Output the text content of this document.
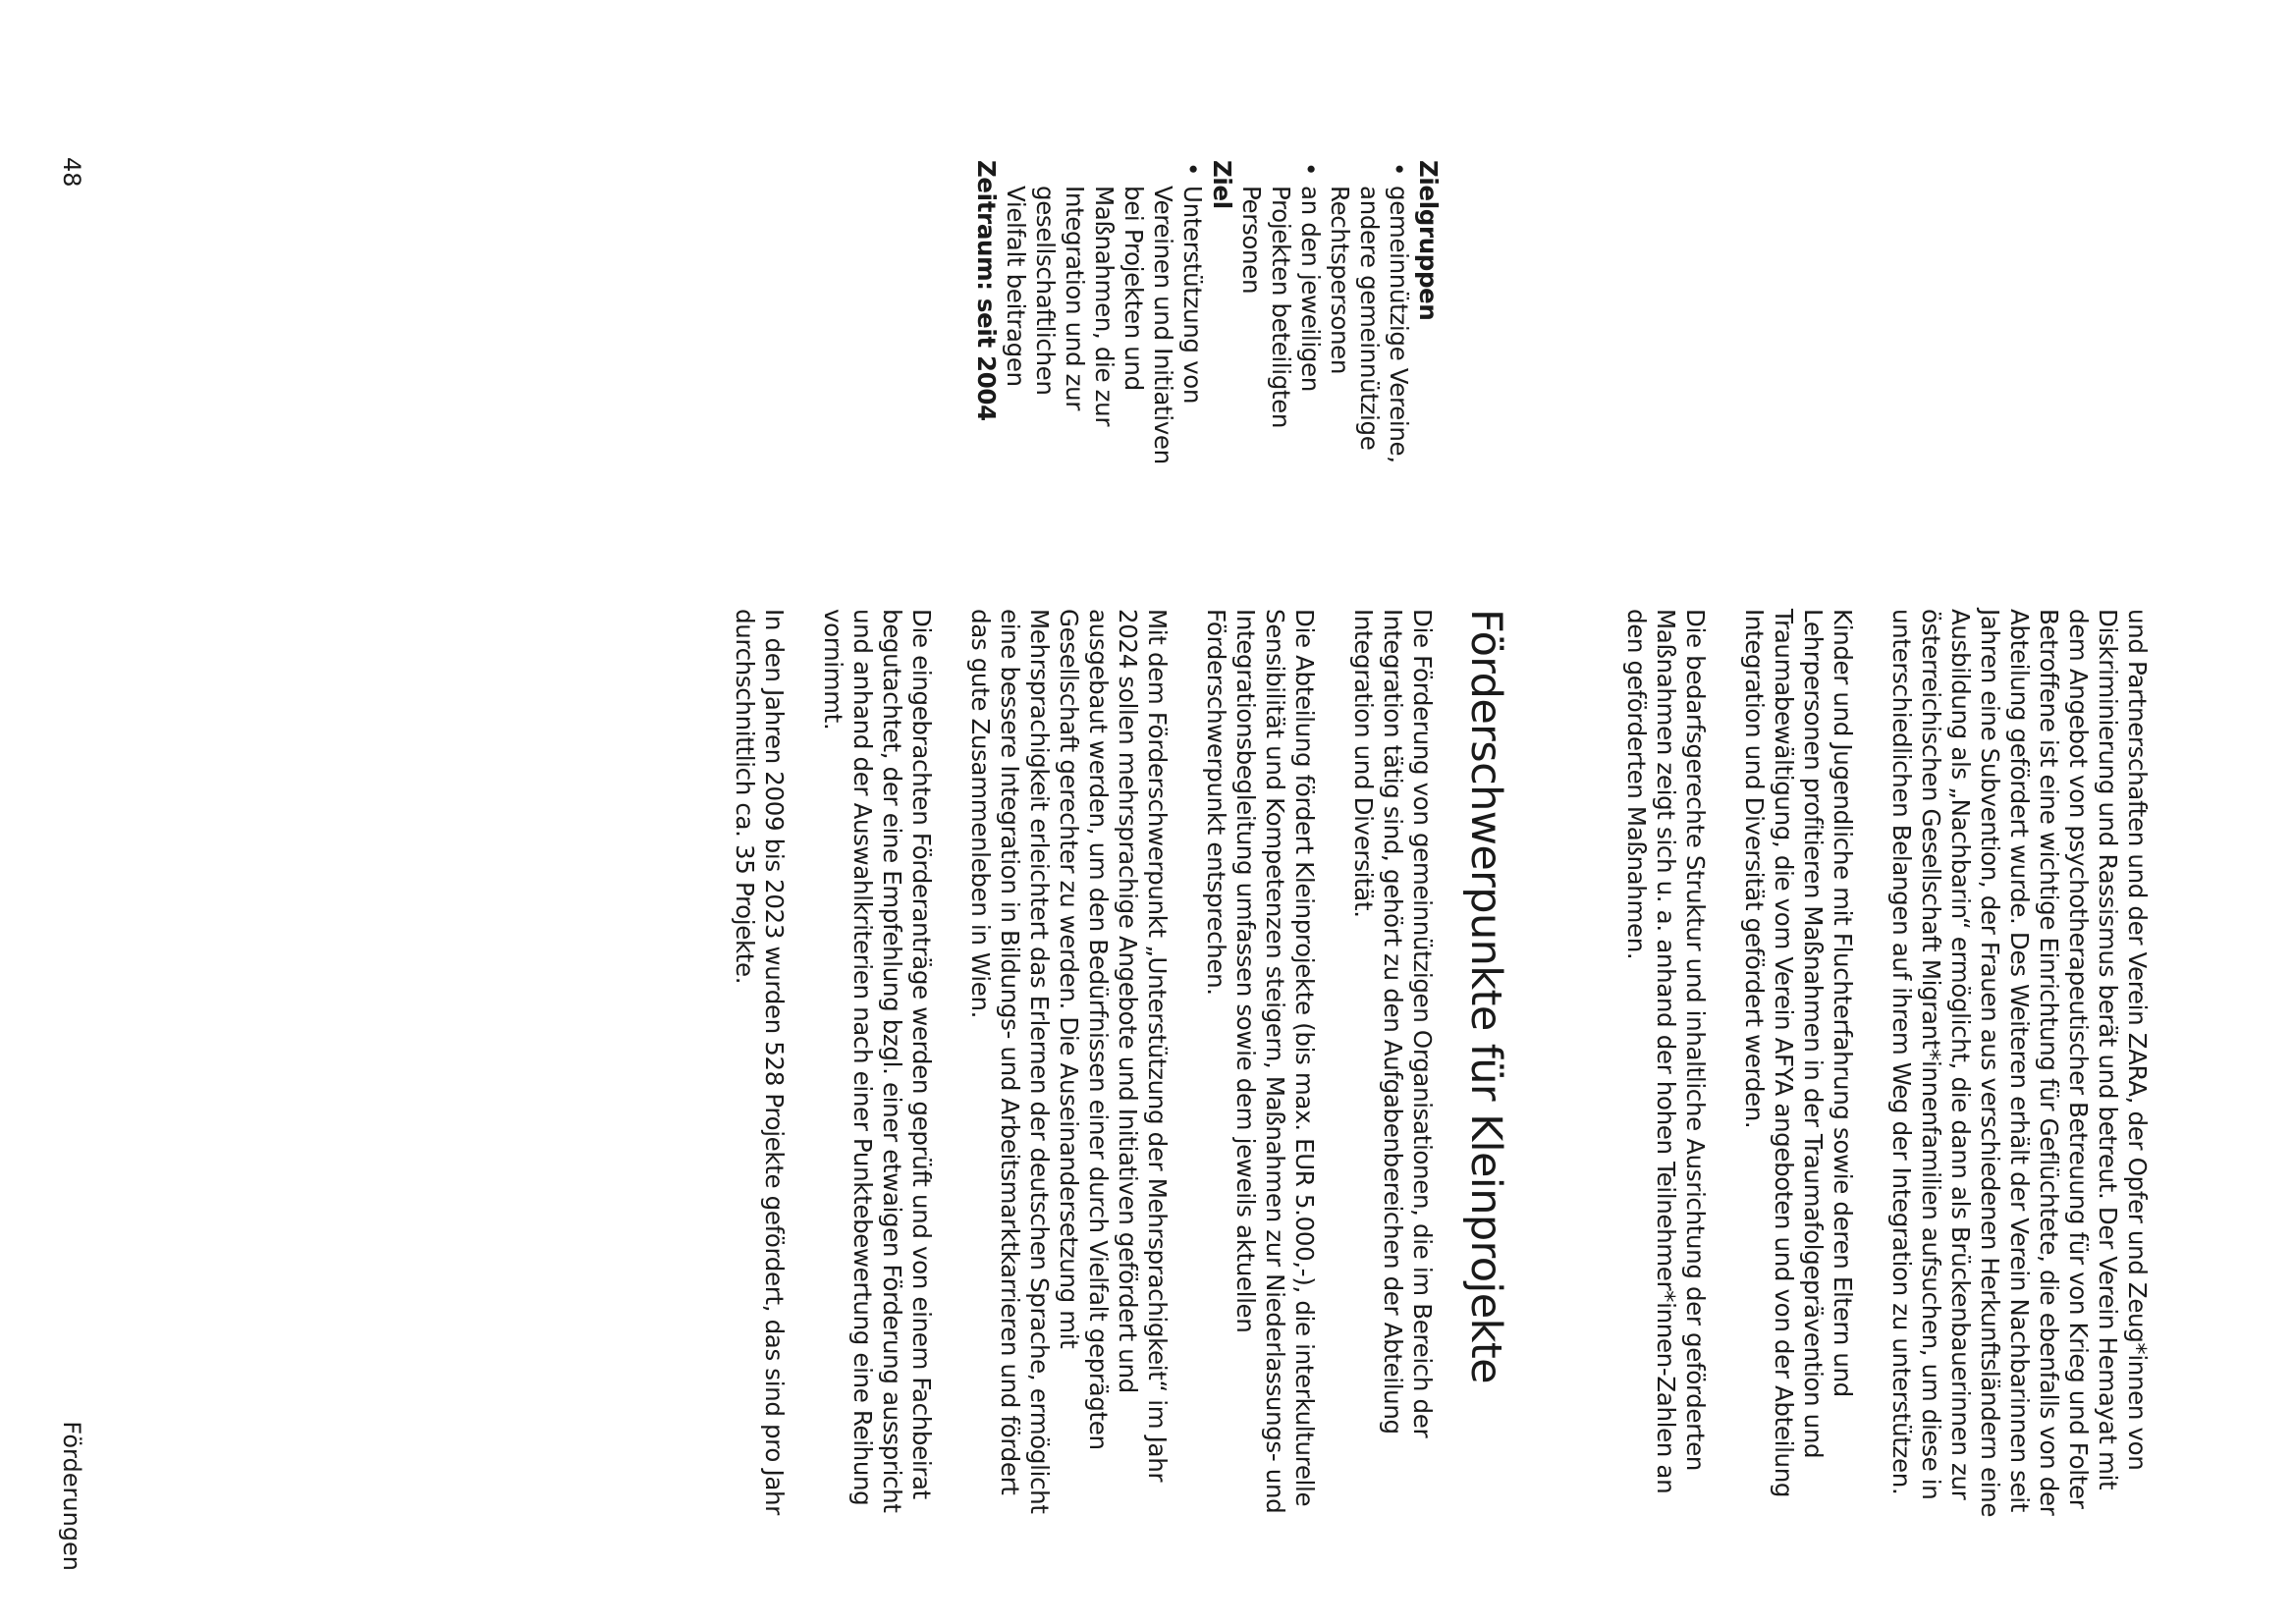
Zielgruppen
•
gemeinnützige Vereine, andere gemeinnützige Rechtspersonen
•
an den jeweiligen Projekten beteiligten Personen
Ziel
•
Unterstützung von Vereinen und Initiativen bei Projekten und Maßnahmen, die zur Integration und zur gesellschaftlichen Vielfalt beitragen
Zeitraum: seit 2004

und Partnerschaften und der Verein ZARA, der Opfer und Zeug*innen von Diskriminierung und Rassismus berät und betreut. Der Verein Hemayat mit dem Angebot von psychotherapeutischer Betreuung für von Krieg und Folter Betroffene ist eine wichtige Einrichtung für Geflüchtete, die ebenfalls von der Abteilung gefördert wurde. Des Weiteren erhält der Verein Nachbarinnen seit Jahren eine Subvention, der Frauen aus verschiedenen Herkunftsländern eine Ausbildung als „Nachbarin“ ermöglicht, die dann als Brückenbauerinnen zur österreichischen Gesellschaft Migrant*innenfamilien aufsuchen, um diese in unterschiedlichen Belangen auf ihrem Weg der Integration zu unterstützen.

Kinder und Jugendliche mit Fluchterfahrung sowie deren Eltern und Lehrpersonen profitieren Maßnahmen in der Traumafolgeprävention und Traumabewältigung, die vom Verein AFYA angeboten und von der Abteilung Integration und Diversität gefördert werden.

Die bedarfsgerechte Struktur und inhaltliche Ausrichtung der geförderten Maßnahmen zeigt sich u. a. anhand der hohen Teilnehmer*innen-Zahlen an den geförderten Maßnahmen.

Förderschwerpunkte für Kleinprojekte

Die Förderung von gemeinnützigen Organisationen, die im Bereich der Integration tätig sind, gehört zu den Aufgabenbereichen der Abteilung Integration und Diversität.

Die Abteilung fördert Kleinprojekte (bis max. EUR 5.000,-), die interkulturelle Sensibilität und Kompetenzen steigern, Maßnahmen zur Niederlassungs- und Integrationsbegleitung umfassen sowie dem jeweils aktuellen Förderschwerpunkt entsprechen.

Mit dem Förderschwerpunkt „Unterstützung der Mehrsprachigkeit“ im Jahr 2024 sollen mehrsprachige Angebote und Initiativen gefördert und ausgebaut werden, um den Bedürfnissen einer durch Vielfalt geprägten Gesellschaft gerechter zu werden. Die Auseinandersetzung mit Mehrsprachigkeit erleichtert das Erlernen der deutschen Sprache, ermöglicht eine bessere Integration in Bildungs- und Arbeitsmarktkarrieren und fördert das gute Zusammenleben in Wien.

Die eingebrachten Förderanträge werden geprüft und von einem Fachbeirat begutachtet, der eine Empfehlung bzgl. einer etwaigen Förderung ausspricht und anhand der Auswahlkriterien nach einer Punktebewertung eine Reihung vornimmt.

In den Jahren 2009 bis 2023 wurden 528 Projekte gefördert, das sind pro Jahr durchschnittlich ca. 35 Projekte.

Förderungen
48
